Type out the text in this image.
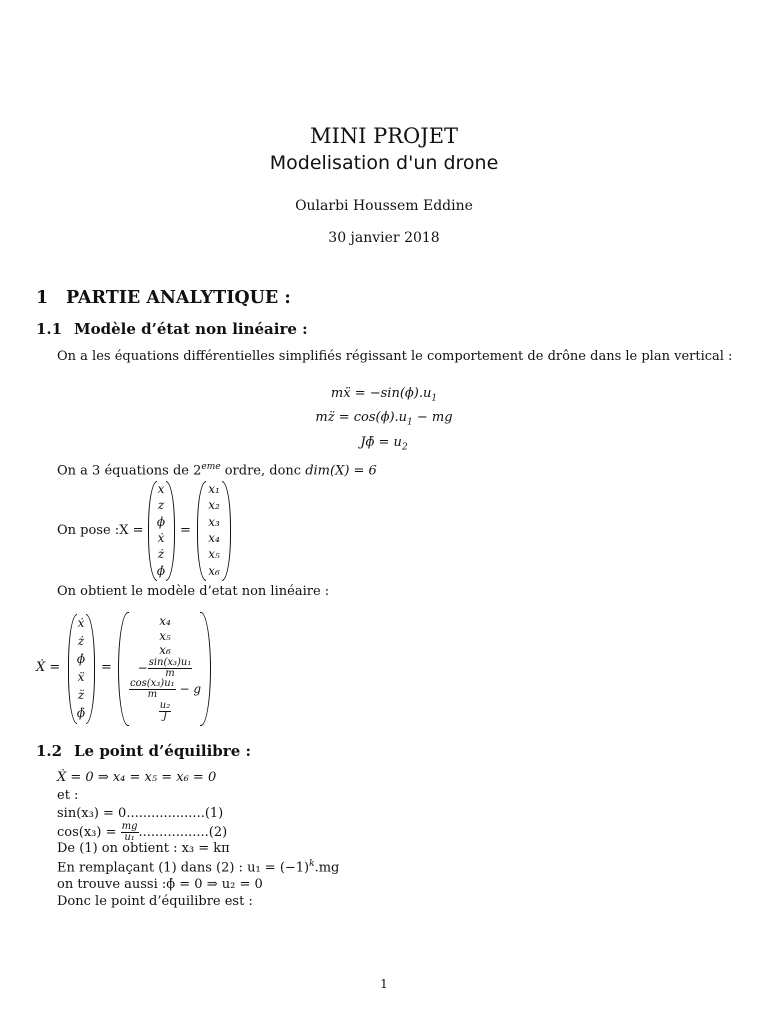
MINI PROJET
Modelisation d'un drone
Oularbi Houssem Eddine
30 janvier 2018
1 PARTIE ANALYTIQUE :
1.1 Modèle d’état non linéaire :
On a les équations différentielles simplifiés régissant le comportement de drône dans le plan vertical :
mẍ = $-\sin(\phi).u_1$
mz̈ = $\cos(\phi).u_1$ − mg
Jϕ̈ = $u_2$
On a 3 équations de 2eme ordre, donc dim(X) = 6
On pose :X =
x
z
ϕ
ẋ
ż
ϕ̇
=
x₁
x₂
x₃
x₄
x₅
x₆
On obtient le modèle d’etat non linéaire :
Ẋ =
ẋ
ż
ϕ̇
ẍ
z̈
ϕ̈
=
x₄
x₅
x₆
− $\frac{\text{sin(x₃)u₁}}{m}$
$\frac{\text{cos(x₃)u₁}}{m} - g$
$\frac{\text{u₂}}{J}$
1.2 Le point d’équilibre :
Ẋ = 0 ⇒ x₄ = x₅ = x₆ = 0
et :
sin(x₃) = 0...................(1)
$\cos(x_3) = \frac{mg}{\text{u₁}} .................(2)$
De (1) on obtient : x₃ = kπ
En remplaçant (1) dans (2) : $u_1 = (-1)^k.mg$
on trouve aussi :ϕ̇ = 0 ⇒ u₂ = 0
Donc le point d’équilibre est :
1
